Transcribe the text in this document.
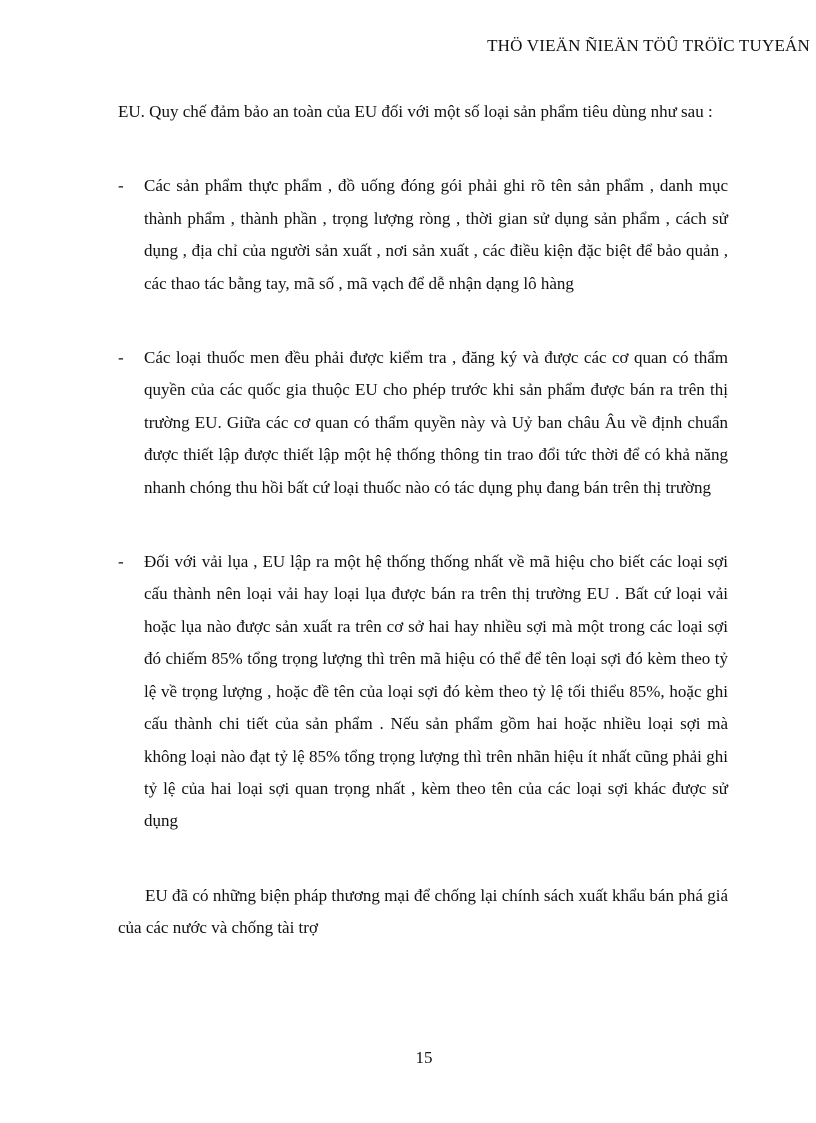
THÖ VIEÄN ÑIEÄN TÖÛ TRÖÏC TUYEÁN

EU. Quy chế đảm bảo an toàn của EU đối với một số loại sản phẩm tiêu dùng như sau :

- Các sản phẩm thực phẩm , đồ uống đóng gói phải ghi rõ tên sản phẩm , danh mục thành phẩm , thành phần , trọng lượng ròng , thời gian sử dụng sản phẩm , cách sử dụng , địa chỉ của người sản xuất , nơi sản xuất , các điều kiện đặc biệt để bảo quản , các thao tác bằng tay, mã số , mã vạch để dễ nhận dạng lô hàng

- Các loại thuốc men đều phải được kiểm tra , đăng ký và được các cơ quan có thẩm quyền của các quốc gia thuộc EU cho phép trước khi sản phẩm được bán ra trên thị trường EU. Giữa các cơ quan có thẩm quyền này và Uỷ ban châu Âu về định chuẩn được thiết lập được thiết lập một hệ thống thông tin trao đổi tức thời để có khả năng nhanh chóng thu hồi bất cứ loại thuốc nào có tác dụng phụ đang bán trên thị trường

- Đối với vải lụa , EU lập ra một hệ thống thống nhất về mã hiệu cho biết các loại sợi cấu thành nên loại vải hay loại lụa được bán ra trên thị trường EU . Bất cứ loại vải hoặc lụa nào được sản xuất ra trên cơ sở hai hay nhiều sợi mà một trong các loại sợi đó chiếm 85% tổng trọng lượng thì trên mã hiệu có thể để tên loại sợi đó kèm theo tỷ lệ về trọng lượng , hoặc đề tên của loại sợi đó kèm theo tỷ lệ tối thiểu 85%, hoặc ghi cấu thành chi tiết của sản phẩm . Nếu sản phẩm gồm hai hoặc nhiều loại sợi mà không loại nào đạt tỷ lệ 85% tổng trọng lượng thì trên nhãn hiệu ít nhất cũng phải ghi tỷ lệ của hai loại sợi quan trọng nhất , kèm theo tên của các loại sợi khác được sử dụng

EU đã có những biện pháp thương mại để chống lại chính sách xuất khẩu bán phá giá của các nước và chống tài trợ

15
